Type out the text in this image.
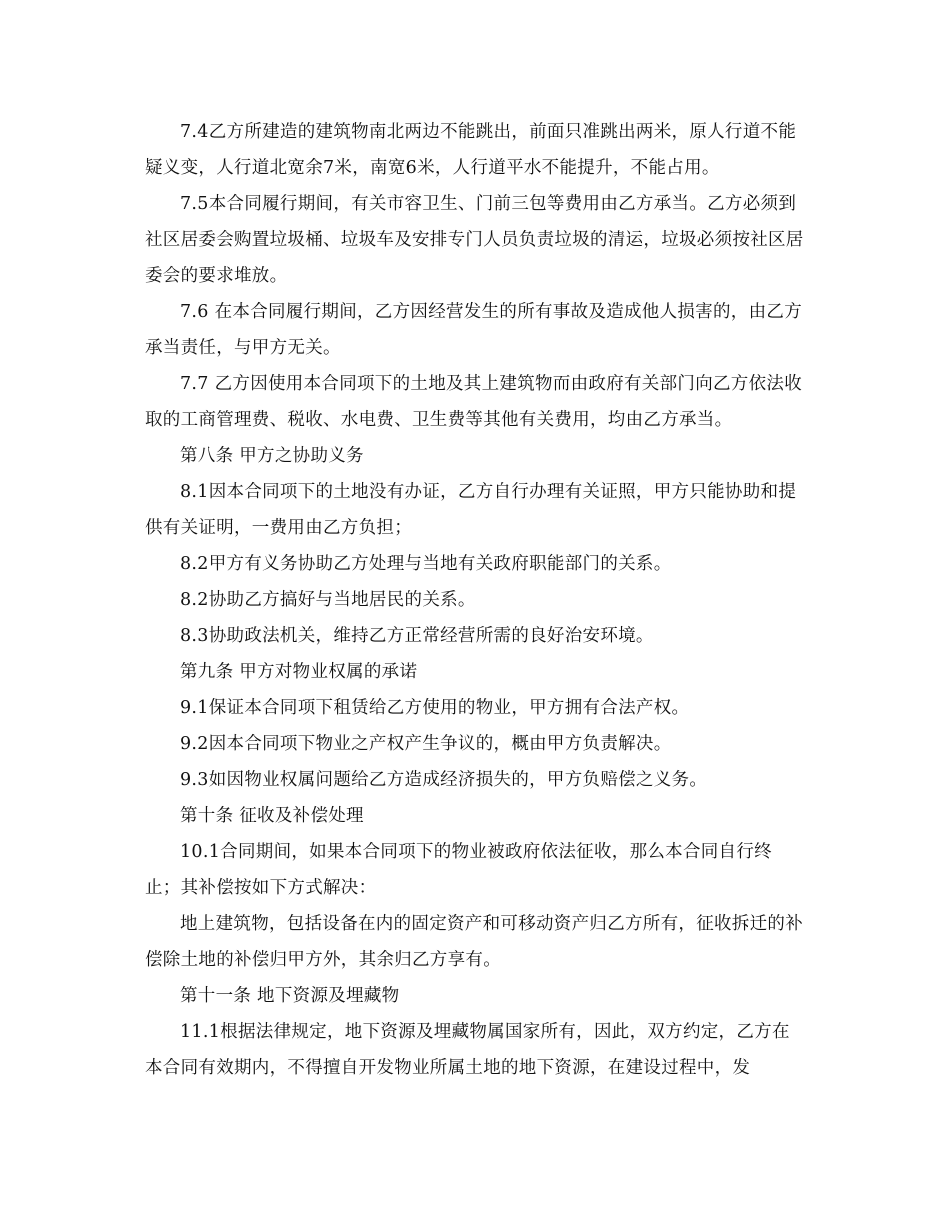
7.4乙方所建造的建筑物南北两边不能跳出，前面只准跳出两米，原人行道不能疑义变，人行道北宽余7米，南宽6米，人行道平水不能提升，不能占用。

7.5本合同履行期间，有关市容卫生、门前三包等费用由乙方承当。乙方必须到社区居委会购置垃圾桶、垃圾车及安排专门人员负责垃圾的清运，垃圾必须按社区居委会的要求堆放。

7.6 在本合同履行期间，乙方因经营发生的所有事故及造成他人损害的，由乙方承当责任，与甲方无关。

7.7 乙方因使用本合同项下的土地及其上建筑物而由政府有关部门向乙方依法收取的工商管理费、税收、水电费、卫生费等其他有关费用，均由乙方承当。

第八条 甲方之协助义务

8.1因本合同项下的土地没有办证，乙方自行办理有关证照，甲方只能协助和提供有关证明，一费用由乙方负担；

8.2甲方有义务协助乙方处理与当地有关政府职能部门的关系。

8.2协助乙方搞好与当地居民的关系。

8.3协助政法机关，维持乙方正常经营所需的良好治安环境。

第九条 甲方对物业权属的承诺

9.1保证本合同项下租赁给乙方使用的物业，甲方拥有合法产权。

9.2因本合同项下物业之产权产生争议的，概由甲方负责解决。

9.3如因物业权属问题给乙方造成经济损失的，甲方负赔偿之义务。

第十条 征收及补偿处理

10.1合同期间，如果本合同项下的物业被政府依法征收，那么本合同自行终止；其补偿按如下方式解决：

地上建筑物，包括设备在内的固定资产和可移动资产归乙方所有，征收拆迁的补偿除土地的补偿归甲方外，其余归乙方享有。

第十一条 地下资源及埋藏物

11.1根据法律规定，地下资源及埋藏物属国家所有，因此，双方约定，乙方在本合同有效期内，不得擅自开发物业所属土地的地下资源，在建设过程中，发
